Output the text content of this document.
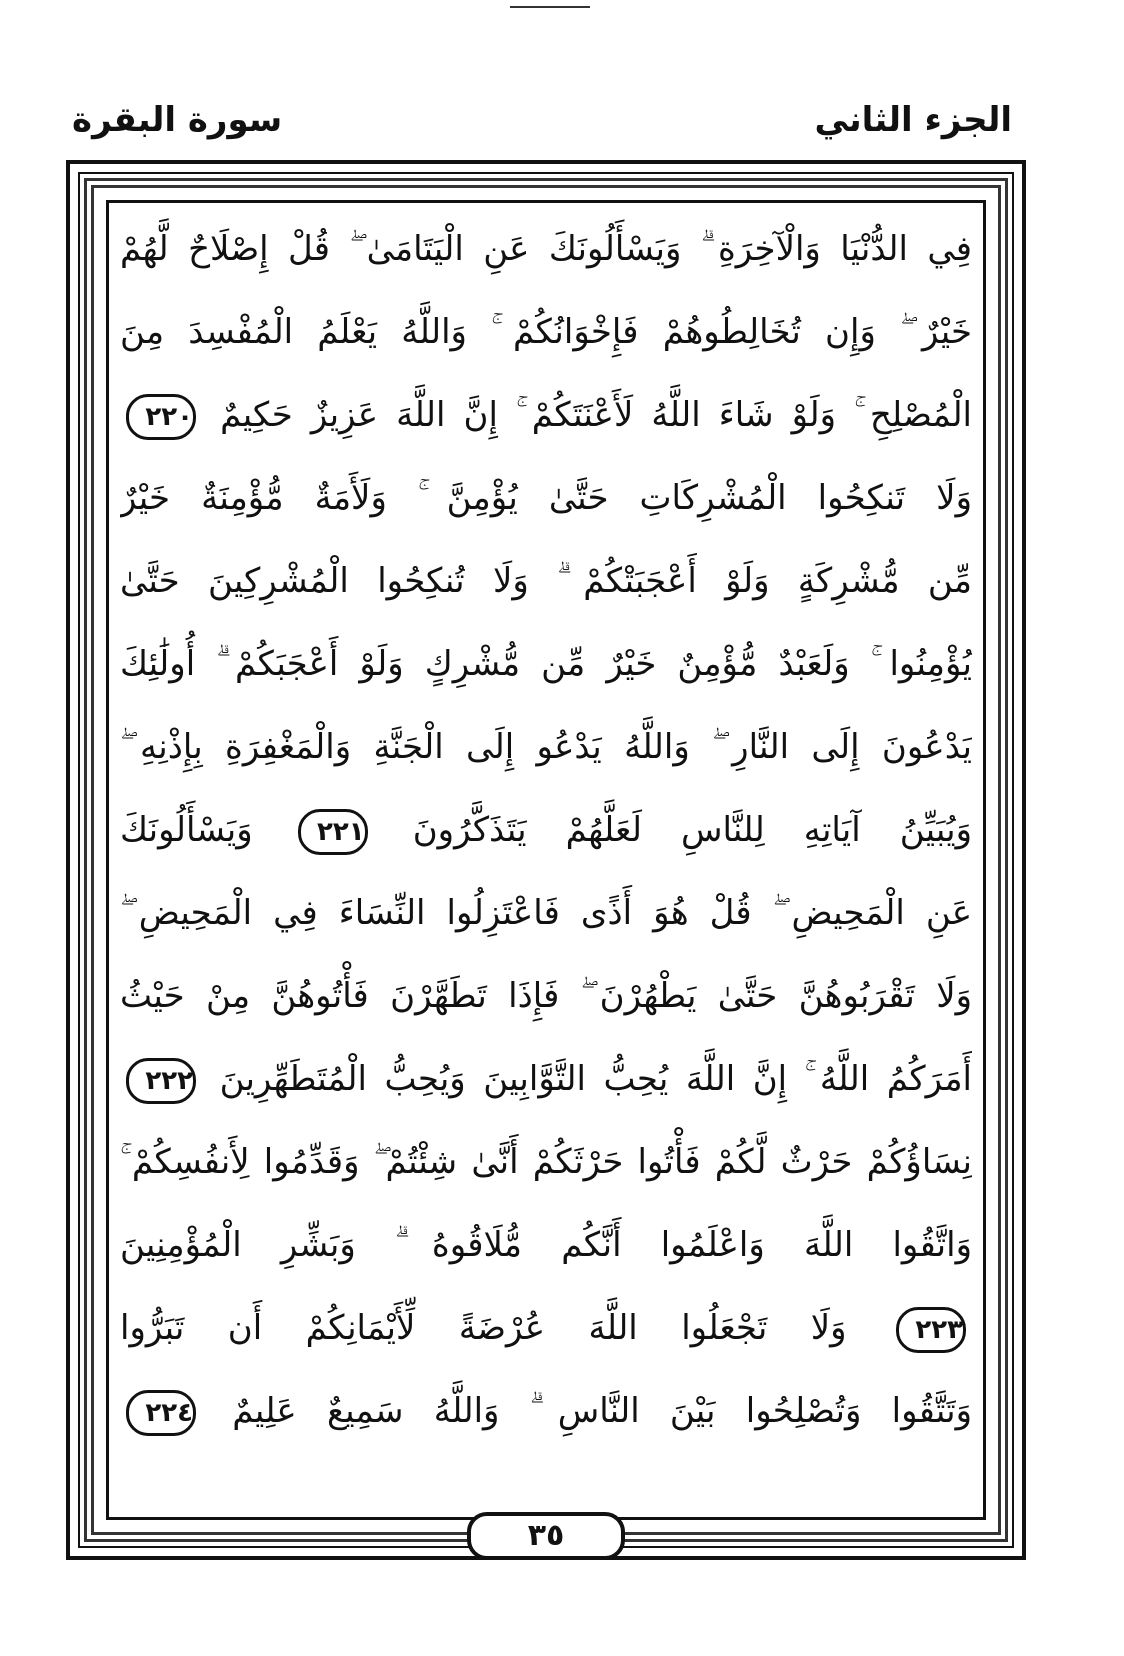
الجزء الثاني
سورة البقرة
فِي الدُّنْيَا وَالْآخِرَةِ ۗ وَيَسْأَلُونَكَ عَنِ الْيَتَامَىٰ ۖ قُلْ إِصْلَاحٌ لَّهُمْ
خَيْرٌ ۖ وَإِن تُخَالِطُوهُمْ فَإِخْوَانُكُمْ ۚ وَاللَّهُ يَعْلَمُ الْمُفْسِدَ مِنَ
الْمُصْلِحِ ۚ وَلَوْ شَاءَ اللَّهُ لَأَعْنَتَكُمْ ۚ إِنَّ اللَّهَ عَزِيزٌ حَكِيمٌ ٢٢٠
وَلَا تَنكِحُوا الْمُشْرِكَاتِ حَتَّىٰ يُؤْمِنَّ ۚ وَلَأَمَةٌ مُّؤْمِنَةٌ خَيْرٌ
مِّن مُّشْرِكَةٍ وَلَوْ أَعْجَبَتْكُمْ ۗ وَلَا تُنكِحُوا الْمُشْرِكِينَ حَتَّىٰ
يُؤْمِنُوا ۚ وَلَعَبْدٌ مُّؤْمِنٌ خَيْرٌ مِّن مُّشْرِكٍ وَلَوْ أَعْجَبَكُمْ ۗ أُولَٰئِكَ
يَدْعُونَ إِلَى النَّارِ ۖ وَاللَّهُ يَدْعُو إِلَى الْجَنَّةِ وَالْمَغْفِرَةِ بِإِذْنِهِ ۖ
وَيُبَيِّنُ آيَاتِهِ لِلنَّاسِ لَعَلَّهُمْ يَتَذَكَّرُونَ ٢٢١ وَيَسْأَلُونَكَ
عَنِ الْمَحِيضِ ۖ قُلْ هُوَ أَذًى فَاعْتَزِلُوا النِّسَاءَ فِي الْمَحِيضِ ۖ
وَلَا تَقْرَبُوهُنَّ حَتَّىٰ يَطْهُرْنَ ۖ فَإِذَا تَطَهَّرْنَ فَأْتُوهُنَّ مِنْ حَيْثُ
أَمَرَكُمُ اللَّهُ ۚ إِنَّ اللَّهَ يُحِبُّ التَّوَّابِينَ وَيُحِبُّ الْمُتَطَهِّرِينَ ٢٢٢
نِسَاؤُكُمْ حَرْثٌ لَّكُمْ فَأْتُوا حَرْثَكُمْ أَنَّىٰ شِئْتُمْ ۖ وَقَدِّمُوا لِأَنفُسِكُمْ ۚ
وَاتَّقُوا اللَّهَ وَاعْلَمُوا أَنَّكُم مُّلَاقُوهُ ۗ وَبَشِّرِ الْمُؤْمِنِينَ
٢٢٣ وَلَا تَجْعَلُوا اللَّهَ عُرْضَةً لِّأَيْمَانِكُمْ أَن تَبَرُّوا
وَتَتَّقُوا وَتُصْلِحُوا بَيْنَ النَّاسِ ۗ وَاللَّهُ سَمِيعٌ عَلِيمٌ ٢٢٤
٣٥
